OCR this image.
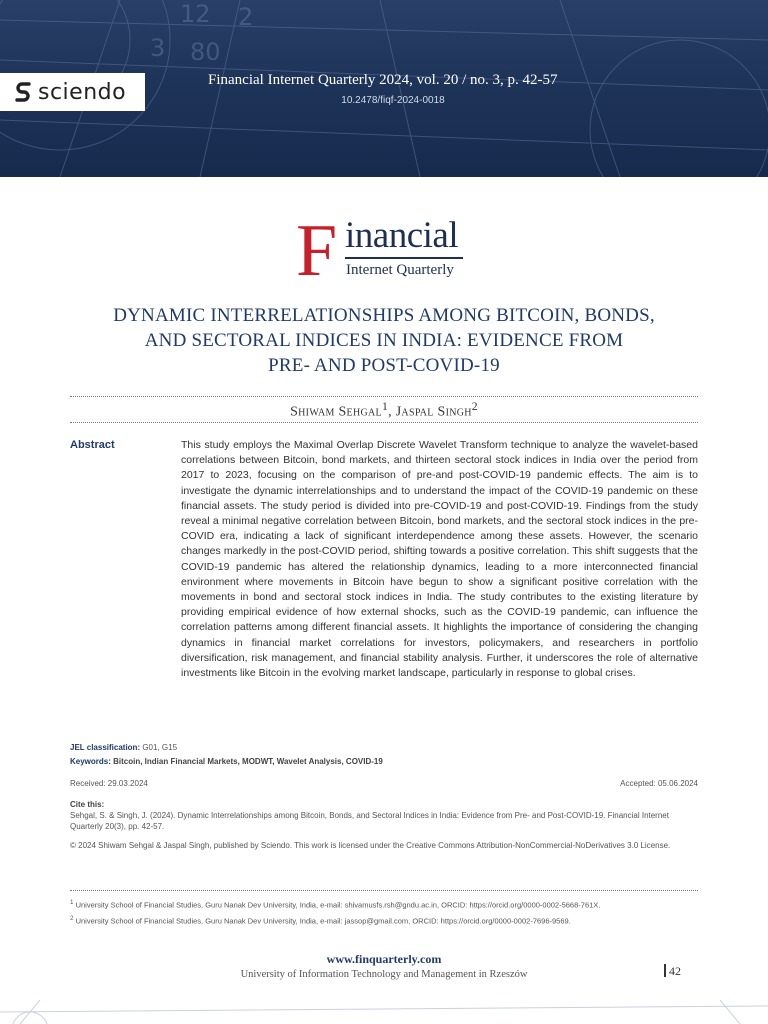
12
3 80
2
sciendo	Financial Internet Quarterly 2024, vol. 20 / no. 3, p. 42-57
10.2478/fiqf-2024-0018
F inancial
Internet Quarterly
DYNAMIC INTERRELATIONSHIPS AMONG BITCOIN, BONDS,
AND SECTORAL INDICES IN INDIA: EVIDENCE FROM
PRE- AND POST-COVID-19
Shiwam Sehgal$^1$, Jaspal Singh$^2$
Abstract	This study employs the Maximal Overlap Discrete Wavelet Transform technique to analyze the wavelet-based correlations between Bitcoin, bond markets, and thirteen sectoral stock indices in India over the period from 2017 to 2023, focusing on the comparison of pre-and post-COVID-19 pandemic effects. The aim is to investigate the dynamic interrelationships and to understand the impact of the COVID-19 pandemic on these financial assets. The study period is divided into pre-COVID-19 and post-COVID-19. Findings from the study reveal a minimal negative correlation between Bitcoin, bond markets, and the sectoral stock indices in the pre-COVID era, indicating a lack of significant interdependence among these assets. However, the scenario changes markedly in the post-COVID period, shifting towards a positive correlation. This shift suggests that the COVID-19 pandemic has altered the relationship dynamics, leading to a more interconnected financial environment where movements in Bitcoin have begun to show a significant positive correlation with the movements in bond and sectoral stock indices in India. The study contributes to the existing literature by providing empirical evidence of how external shocks, such as the COVID-19 pandemic, can influence the correlation patterns among different financial assets. It highlights the importance of considering the changing dynamics in financial market correlations for investors, policymakers, and researchers in portfolio diversification, risk management, and financial stability analysis. Further, it underscores the role of alternative investments like Bitcoin in the evolving market landscape, particularly in response to global crises.
JEL classification: G01, G15
Keywords: Bitcoin, Indian Financial Markets, MODWT, Wavelet Analysis, COVID-19
Received: 29.03.2024	Accepted: 05.06.2024
Cite this:
Sehgal, S. & Singh, J. (2024). Dynamic Interrelationships among Bitcoin, Bonds, and Sectoral Indices in India: Evidence from Pre- and Post-COVID-19. Financial Internet Quarterly 20(3), pp. 42-57.
© 2024 Shiwam Sehgal & Jaspal Singh, published by Sciendo. This work is licensed under the Creative Commons Attribution-NonCommercial-NoDerivatives 3.0 License.
$^1$ University School of Financial Studies, Guru Nanak Dev University, India, e-mail: shivamusfs.rsh@gndu.ac.in, ORCID: https://orcid.org/0000-0002-5668-761X.
$^2$ University School of Financial Studies, Guru Nanak Dev University, India, e-mail: jassop@gmail.com, ORCID: https://orcid.org/0000-0002-7696-9569.
www.finquarterly.com
University of Information Technology and Management in Rzeszów	42
